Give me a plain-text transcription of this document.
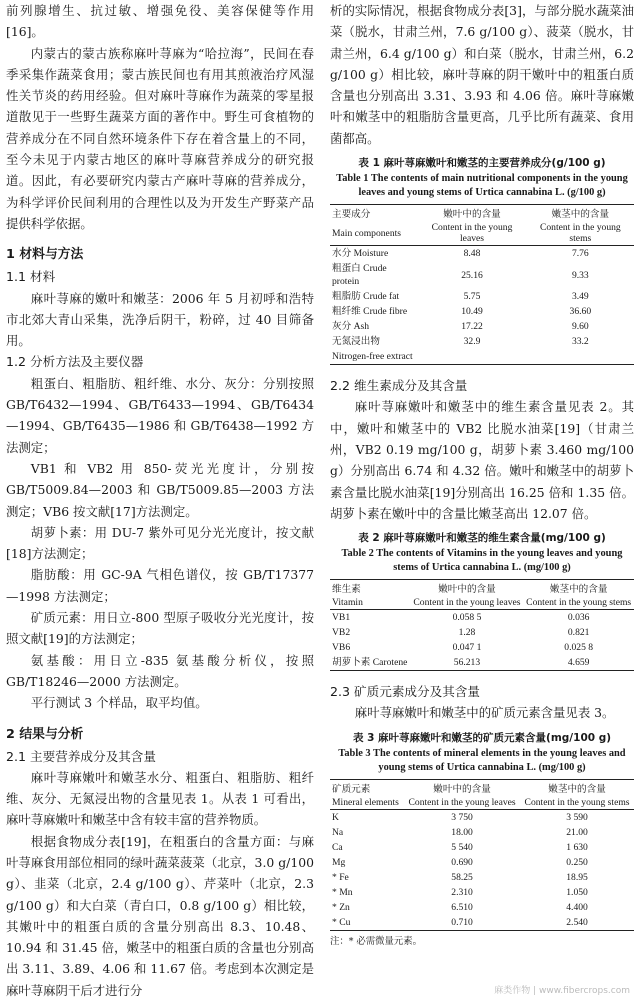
前列腺增生、抗过敏、增强免役、美容保健等作用[16]。

内蒙古的蒙古族称麻叶荨麻为“哈拉海”，民间在春季采集作蔬菜食用；蒙古族民间也有用其煎液治疗风湿性关节炎的药用经验。但对麻叶荨麻作为蔬菜的零星报道散见于一些野生蔬菜方面的著作中。野生可食植物的营养成分在不同自然环境条件下存在着含量上的不同，至今未见于内蒙古地区的麻叶荨麻营养成分的研究报道。因此，有必要研究内蒙古产麻叶荨麻的营养成分，为科学评价民间利用的合理性以及为开发生产野菜产品提供科学依据。

1 材料与方法

1.1 材料

麻叶荨麻的嫩叶和嫩茎：2006 年 5 月初呼和浩特市北郊大青山采集，洗净后阴干，粉碎，过 40 目筛备用。

1.2 分析方法及主要仪器

粗蛋白、粗脂肪、粗纤维、水分、灰分：分别按照 GB/T6432—1994、GB/T6433—1994、GB/T6434—1994、GB/T6435—1986 和 GB/T6438—1992 方法测定；

VB1 和 VB2 用 850-荧光光度计，分别按GB/T5009.84—2003 和 GB/T5009.85—2003 方法测定；VB6 按文献[17]方法测定。

胡萝卜素：用 DU-7 紫外可见分光光度计，按文献[18]方法测定；

脂肪酸：用 GC-9A 气相色谱仪，按 GB/T17377—1998 方法测定；

矿质元素：用日立-800 型原子吸收分光光度计，按照文献[19]的方法测定；

氨基酸：用日立-835 氨基酸分析仪，按照 GB/T18246—2000 方法测定。

平行测试 3 个样品，取平均值。

2 结果与分析

2.1 主要营养成分及其含量

麻叶荨麻嫩叶和嫩茎水分、粗蛋白、粗脂肪、粗纤维、灰分、无氮浸出物的含量见表 1。从表 1 可看出，麻叶荨麻嫩叶和嫩茎中含有较丰富的营养物质。

根据食物成分表[19]，在粗蛋白的含量方面：与麻叶荨麻食用部位相同的绿叶蔬菜菠菜（北京，3.0 g/100 g）、韭菜（北京，2.4 g/100 g）、芹菜叶（北京，2.3 g/100 g）和大白菜（青白口，0.8 g/100 g）相比较，其嫩叶中的粗蛋白质的含量分别高出 8.3、10.48、10.94 和 31.45 倍，嫩茎中的粗蛋白质的含量也分别高出 3.11、3.89、4.06 和 11.67 倍。考虑到本次测定是麻叶荨麻阴干后才进行分

析的实际情况，根据食物成分表[3]，与部分脱水蔬菜油菜（脱水，甘肃兰州，7.6 g/100 g）、菠菜（脱水，甘肃兰州，6.4 g/100 g）和白菜（脱水，甘肃兰州，6.2 g/100 g）相比较，麻叶荨麻的阴干嫩叶中的粗蛋白质含量也分别高出 3.31、3.93 和 4.06 倍。麻叶荨麻嫩叶和嫩茎中的粗脂肪含量更高，几乎比所有蔬菜、食用菌都高。

表 1 麻叶荨麻嫩叶和嫩茎的主要营养成分(g/100 g)

Table 1 The contents of main nutritional components in the young leaves and young stems of Urtica cannabina L. (g/100 g)

主要成分	嫩叶中的含量	嫩茎中的含量
Main components	Content in the young leaves	Content in the young stems
水分 Moisture	8.48	7.76
粗蛋白 Crude protein	25.16	9.33
粗脂肪 Crude fat	5.75	3.49
粗纤维 Crude fibre	10.49	36.60
灰分 Ash	17.22	9.60
无氮浸出物	32.9	33.2
Nitrogen-free extract		

2.2 维生素成分及其含量

麻叶荨麻嫩叶和嫩茎中的维生素含量见表 2。其中，嫩叶和嫩茎中的 VB2 比脱水油菜[19]（甘肃兰州，VB2 0.19 mg/100 g，胡萝卜素 3.460 mg/100 g）分别高出 6.74 和 4.32 倍。嫩叶和嫩茎中的胡萝卜素含量比脱水油菜[19]分别高出 16.25 倍和 1.35 倍。胡萝卜素在嫩叶中的含量比嫩茎高出 12.07 倍。

表 2 麻叶荨麻嫩叶和嫩茎的维生素含量(mg/100 g)

Table 2 The contents of Vitamins in the young leaves and young stems of Urtica cannabina L. (mg/100 g)

维生素	嫩叶中的含量	嫩茎中的含量
Vitamin	Content in the young leaves	Content in the young stems
VB1	0.058 5	0.036
VB2	1.28	0.821
VB6	0.047 1	0.025 8
胡萝卜素 Carotene	56.213	4.659

2.3 矿质元素成分及其含量

麻叶荨麻嫩叶和嫩茎中的矿质元素含量见表 3。

表 3 麻叶荨麻嫩叶和嫩茎的矿质元素含量(mg/100 g)

Table 3 The contents of mineral elements in the young leaves and young stems of Urtica cannabina L. (mg/100 g)

矿质元素	嫩叶中的含量	嫩茎中的含量
Mineral elements	Content in the young leaves	Content in the young stems
K	3 750	3 590
Na	18.00	21.00
Ca	5 540	1 630
Mg	0.690	0.250
* Fe	58.25	18.95
* Mn	2.310	1.050
* Zn	6.510	4.400
* Cu	0.710	2.540

注：* 必需微量元素。

麻类作物 | www.fibercrops.com
